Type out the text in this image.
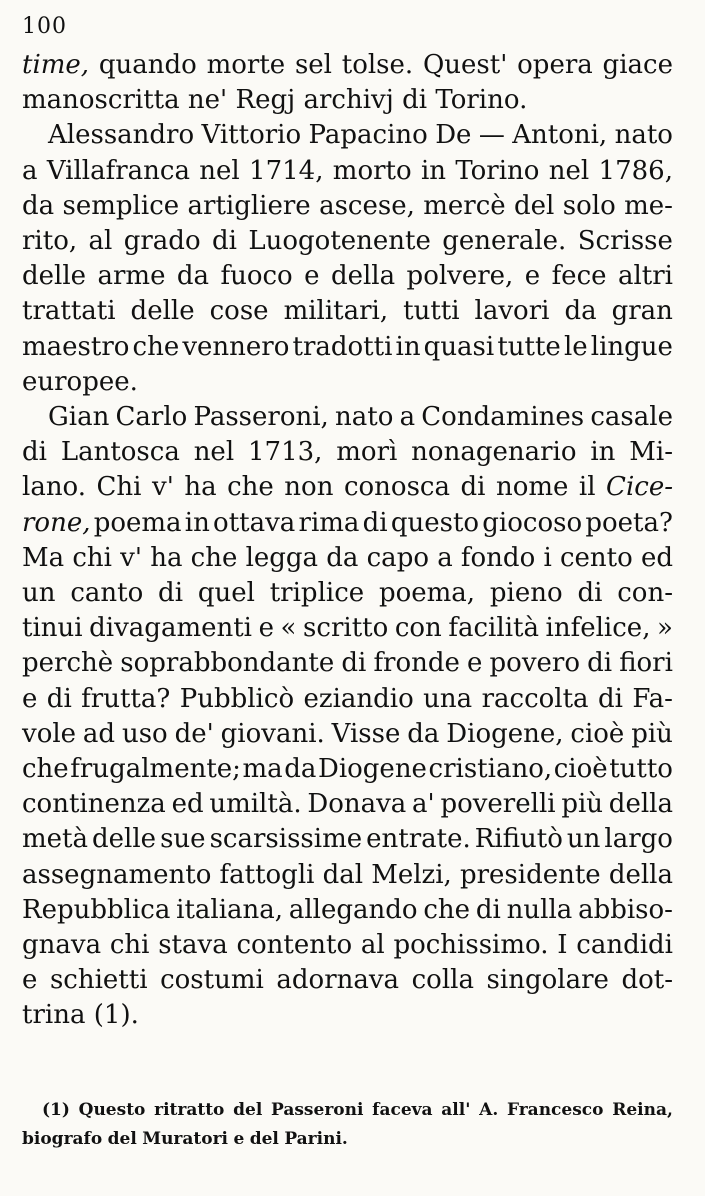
100
time, quando morte sel tolse. Quest' opera giace
manoscritta ne' Regj archivj di Torino.
Alessandro Vittorio Papacino De — Antoni, nato
a Villafranca nel 1714, morto in Torino nel 1786,
da semplice artigliere ascese, mercè del solo me-
rito, al grado di Luogotenente generale. Scrisse
delle arme da fuoco e della polvere, e fece altri
trattati delle cose militari, tutti lavori da gran
maestro che vennero tradotti in quasi tutte le lingue
europee.
Gian Carlo Passeroni, nato a Condamines casale
di Lantosca nel 1713, morì nonagenario in Mi-
lano. Chi v' ha che non conosca di nome il Cice-
rone, poema in ottava rima di questo giocoso poeta?
Ma chi v' ha che legga da capo a fondo i cento ed
un canto di quel triplice poema, pieno di con-
tinui divagamenti e « scritto con facilità infelice, »
perchè soprabbondante di fronde e povero di fiori
e di frutta? Pubblicò eziandio una raccolta di Fa-
vole ad uso de' giovani. Visse da Diogene, cioè più
che frugalmente; ma da Diogene cristiano, cioè tutto
continenza ed umiltà. Donava a' poverelli più della
metà delle sue scarsissime entrate. Rifiutò un largo
assegnamento fattogli dal Melzi, presidente della
Repubblica italiana, allegando che di nulla abbiso-
gnava chi stava contento al pochissimo. I candidi
e schietti costumi adornava colla singolare dot-
trina (1).
(1) Questo ritratto del Passeroni faceva all' A. Francesco Reina,
biografo del Muratori e del Parini.
